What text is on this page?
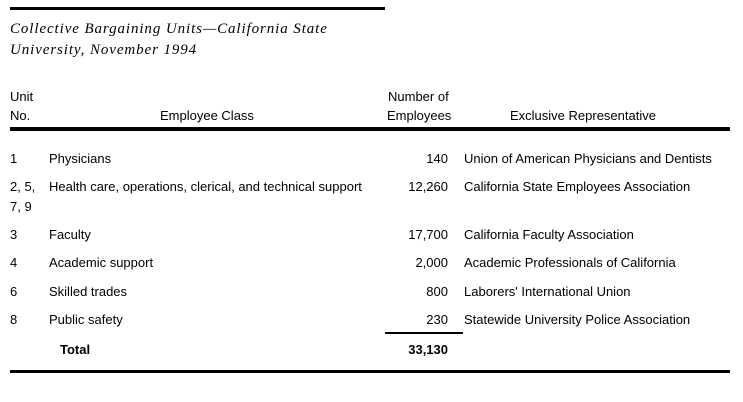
Collective Bargaining Units—California State
University, November 1994
Unit
No.	Employee Class
Number of
Employees	Exclusive Representative
1 Physicians	140 Union of American Physicians and Dentists
2, 5,
7, 9
Health care, operations, clerical, and technical support	12,260 California State Employees Association
3 Faculty	17,700 California Faculty Association
4 Academic support	2,000 Academic Professionals of California
6 Skilled trades	800 Laborers' International Union
8 Public safety	230 Statewide University Police Association
Total	33,130
